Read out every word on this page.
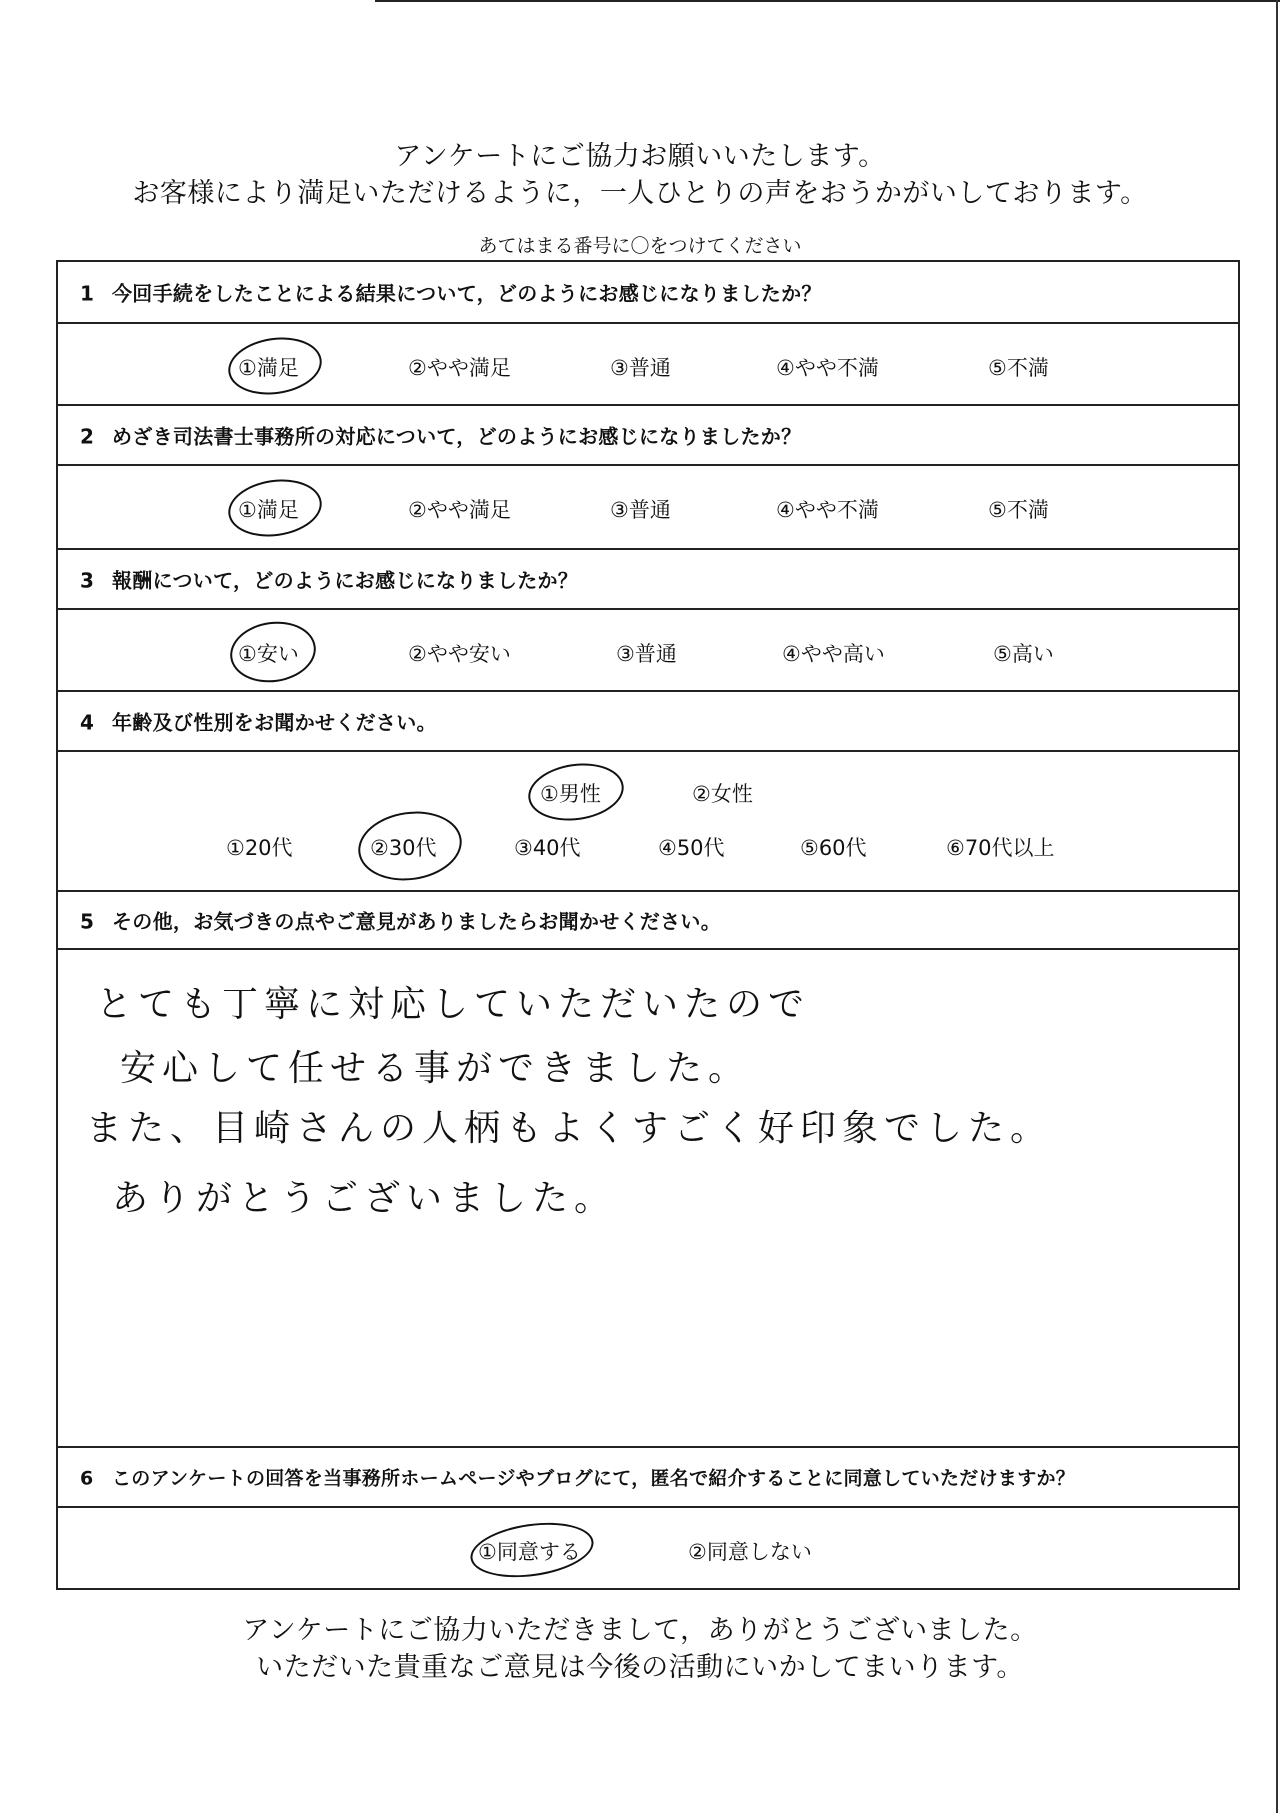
アンケートにご協力お願いいたします。
お客様により満足いただけるように，一人ひとりの声をおうかがいしております。
あてはまる番号に〇をつけてください
1 今回手続をしたことによる結果について，どのようにお感じになりましたか？
①満足	②やや満足	③普通	④やや不満	⑤不満
2 めざき司法書士事務所の対応について，どのようにお感じになりましたか？
①満足	②やや満足	③普通	④やや不満	⑤不満
3 報酬について，どのようにお感じになりましたか？
①安い	②やや安い	③普通	④やや高い	⑤高い
4 年齢及び性別をお聞かせください。
①男性	②女性
①20代	②30代	③40代	④50代	⑤60代	⑥70代以上
5 その他，お気づきの点やご意見がありましたらお聞かせください。
とても丁寧に対応していただいたので
安心して任せる事ができました。
また、目崎さんの人柄もよくすごく好印象でした。
ありがとうございました。
6 このアンケートの回答を当事務所ホームページやブログにて，匿名で紹介することに同意していただけますか？
①同意する	②同意しない
アンケートにご協力いただきまして，ありがとうございました。
いただいた貴重なご意見は今後の活動にいかしてまいります。
